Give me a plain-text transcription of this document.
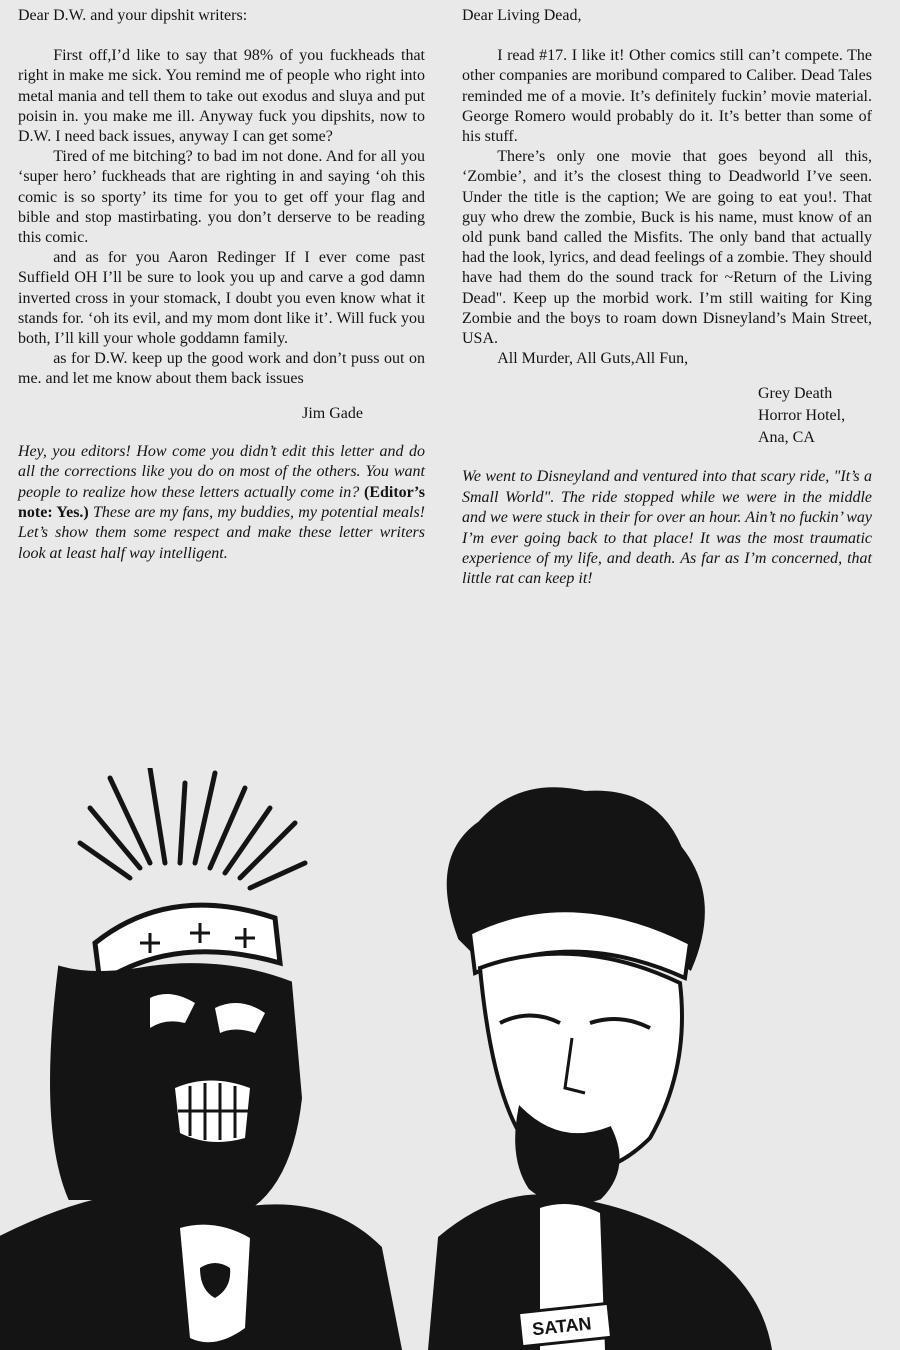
Dear D.W. and your dipshit writers:

First off,I’d like to say that 98% of you fuckheads that right in make me sick. You remind me of people who right into metal mania and tell them to take out exodus and sluya and put poisin in. you make me ill. Anyway fuck you dipshits, now to D.W. I need back issues, anyway I can get some?

Tired of me bitching? to bad im not done. And for all you ‘super hero’ fuckheads that are righting in and saying ‘oh this comic is so sporty’ its time for you to get off your flag and bible and stop mastirbating. you don’t derserve to be reading this comic.

and as for you Aaron Redinger If I ever come past Suffield OH I’ll be sure to look you up and carve a god damn inverted cross in your stomack, I doubt you even know what it stands for. ‘oh its evil, and my mom dont like it’. Will fuck you both, I’ll kill your whole goddamn family.

as for D.W. keep up the good work and don’t puss out on me. and let me know about them back issues

Jim Gade

Hey, you editors! How come you didn’t edit this letter and do all the corrections like you do on most of the others. You want people to realize how these letters actually come in? (Editor’s note: Yes.) These are my fans, my buddies, my potential meals! Let’s show them some respect and make these letter writers look at least half way intelligent.

Dear Living Dead,

I read #17. I like it! Other comics still can’t compete. The other companies are moribund compared to Caliber. Dead Tales reminded me of a movie. It’s definitely fuckin’ movie material. George Romero would probably do it. It’s better than some of his stuff.

There’s only one movie that goes beyond all this, ‘Zombie’, and it’s the closest thing to Deadworld I’ve seen. Under the title is the caption; We are going to eat you!. That guy who drew the zombie, Buck is his name, must know of an old punk band called the Misfits. The only band that actually had the look, lyrics, and dead feelings of a zombie. They should have had them do the sound track for ~Return of the Living Dead". Keep up the morbid work. I’m still waiting for King Zombie and the boys to roam down Disneyland’s Main Street, USA.

All Murder, All Guts,All Fun,

Grey Death
Horror Hotel,
Ana, CA

We went to Disneyland and ventured into that scary ride, "It’s a Small World". The ride stopped while we were in the middle and we were stuck in their for over an hour. Ain’t no fuckin’ way I’m ever going back to that place! It was the most traumatic experience of my life, and death. As far as I’m concerned, that little rat can keep it!

SATAN
